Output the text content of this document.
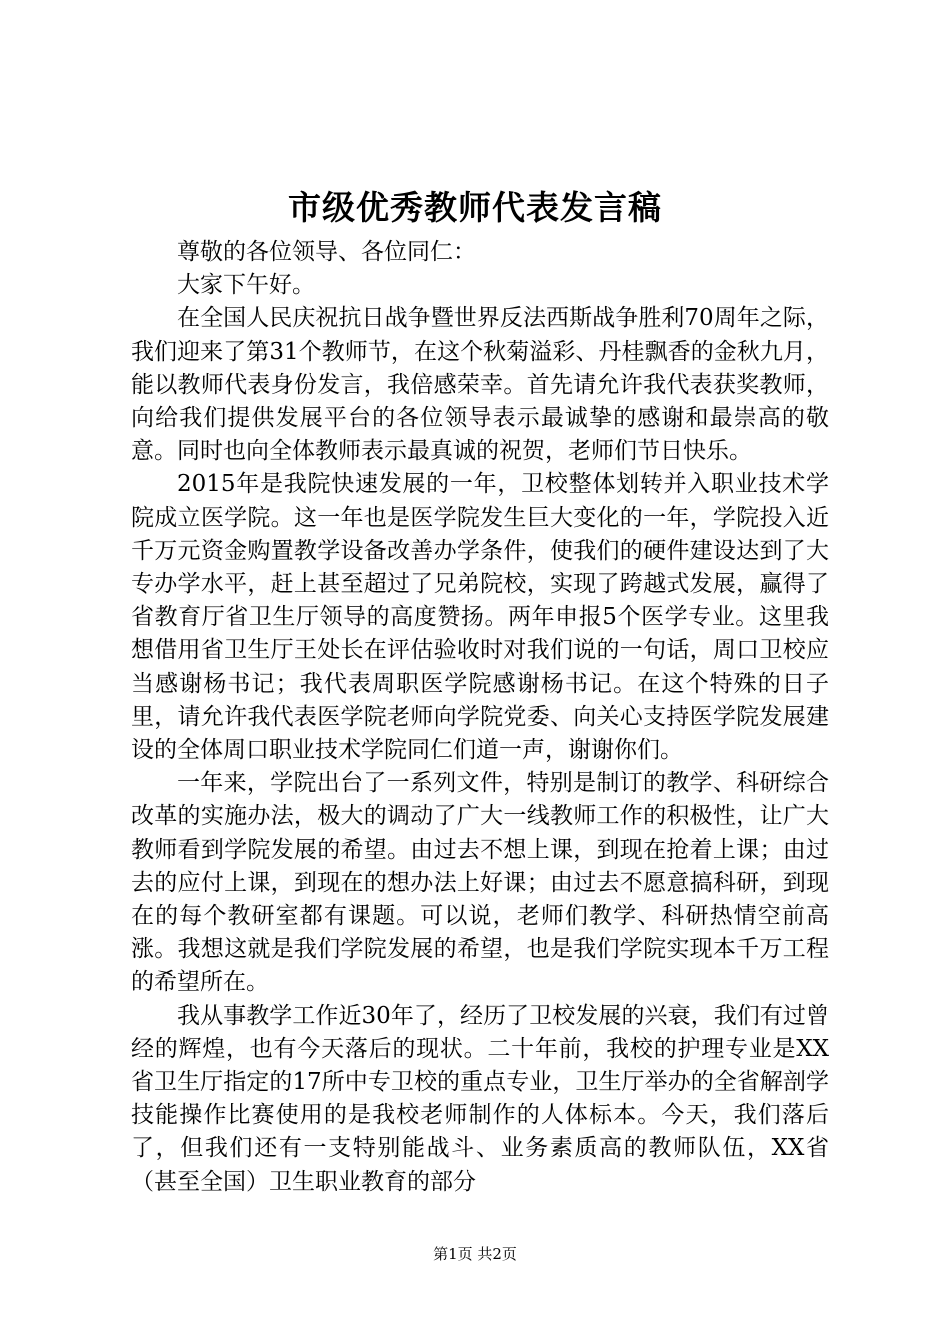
市级优秀教师代表发言稿

尊敬的各位领导、各位同仁：

大家下午好。

在全国人民庆祝抗日战争暨世界反法西斯战争胜利70周年之际，我们迎来了第31个教师节，在这个秋菊溢彩、丹桂飘香的金秋九月，能以教师代表身份发言，我倍感荣幸。首先请允许我代表获奖教师，向给我们提供发展平台的各位领导表示最诚挚的感谢和最崇高的敬意。同时也向全体教师表示最真诚的祝贺，老师们节日快乐。

2015年是我院快速发展的一年，卫校整体划转并入职业技术学院成立医学院。这一年也是医学院发生巨大变化的一年，学院投入近千万元资金购置教学设备改善办学条件，使我们的硬件建设达到了大专办学水平，赶上甚至超过了兄弟院校，实现了跨越式发展，赢得了省教育厅省卫生厅领导的高度赞扬。两年申报5个医学专业。这里我想借用省卫生厅王处长在评估验收时对我们说的一句话，周口卫校应当感谢杨书记；我代表周职医学院感谢杨书记。在这个特殊的日子里，请允许我代表医学院老师向学院党委、向关心支持医学院发展建设的全体周口职业技术学院同仁们道一声，谢谢你们。

一年来，学院出台了一系列文件，特别是制订的教学、科研综合改革的实施办法，极大的调动了广大一线教师工作的积极性，让广大教师看到学院发展的希望。由过去不想上课，到现在抢着上课；由过去的应付上课，到现在的想办法上好课；由过去不愿意搞科研，到现在的每个教研室都有课题。可以说，老师们教学、科研热情空前高涨。我想这就是我们学院发展的希望，也是我们学院实现本千万工程的希望所在。

我从事教学工作近30年了，经历了卫校发展的兴衰，我们有过曾经的辉煌，也有今天落后的现状。二十年前，我校的护理专业是XX省卫生厅指定的17所中专卫校的重点专业，卫生厅举办的全省解剖学技能操作比赛使用的是我校老师制作的人体标本。今天，我们落后了，但我们还有一支特别能战斗、业务素质高的教师队伍，XX省（甚至全国）卫生职业教育的部分

第1页 共2页
